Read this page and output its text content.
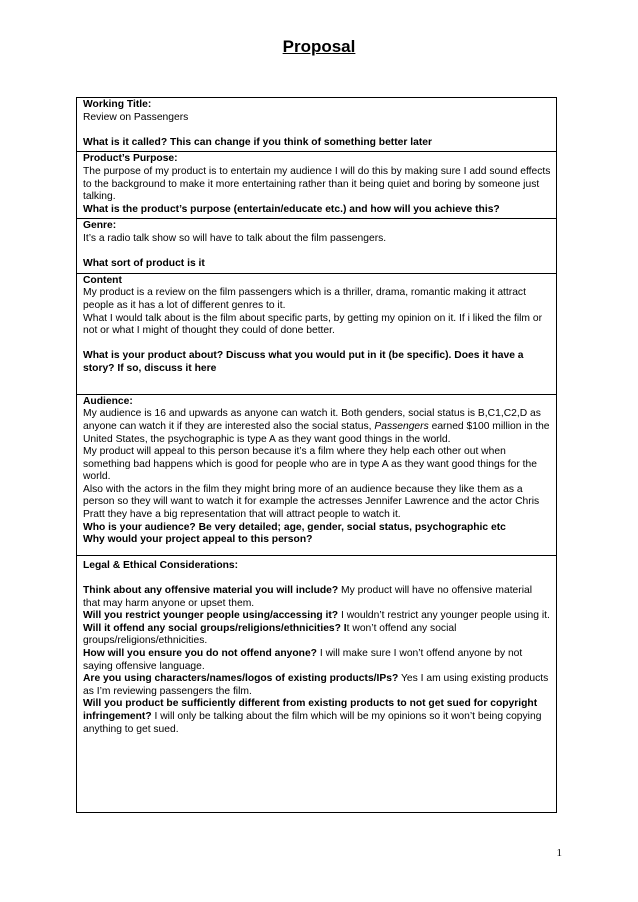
Proposal

Working Title:

Review on Passengers

What is it called? This can change if you think of something better later

Product’s Purpose:

The purpose of my product is to entertain my audience I will do this by making sure I add sound effects to the background to make it more entertaining rather than it being quiet and boring by someone just talking.

What is the product’s purpose (entertain/educate etc.) and how will you achieve this?

Genre:

It’s a radio talk show so will have to talk about the film passengers.

What sort of product is it

Content

My product is a review on the film passengers which is a thriller, drama, romantic making it attract people as it has a lot of different genres to it.

What I would talk about is the film about specific parts, by getting my opinion on it. If i liked the film or not or what I might of thought they could of done better.

What is your product about? Discuss what you would put in it (be specific). Does it have a story? If so, discuss it here

Audience:

My audience is 16 and upwards as anyone can watch it. Both genders, social status is B,C1,C2,D as anyone can watch it if they are interested also the social status, Passengers earned $100 million in the United States, the psychographic is type A as they want good things in the world.

My product will appeal to this person because it’s a film where they help each other out when something bad happens which is good for people who are in type A as they want good things for the world.

Also with the actors in the film they might bring more of an audience because they like them as a person so they will want to watch it for example the actresses Jennifer Lawrence and the actor Chris Pratt they have a big representation that will attract people to watch it.

Who is your audience? Be very detailed; age, gender, social status, psychographic etc

Why would your project appeal to this person?

Legal & Ethical Considerations:

Think about any offensive material you will include? My product will have no offensive material that may harm anyone or upset them.

Will you restrict younger people using/accessing it? I wouldn’t restrict any younger people using it.

Will it offend any social groups/religions/ethnicities? It won’t offend any social groups/religions/ethnicities.

How will you ensure you do not offend anyone? I will make sure I won’t offend anyone by not saying offensive language.

Are you using characters/names/logos of existing products/IPs? Yes I am using existing products as I’m reviewing passengers the film.

Will you product be sufficiently different from existing products to not get sued for copyright infringement? I will only be talking about the film which will be my opinions so it won’t being copying anything to get sued.

1
